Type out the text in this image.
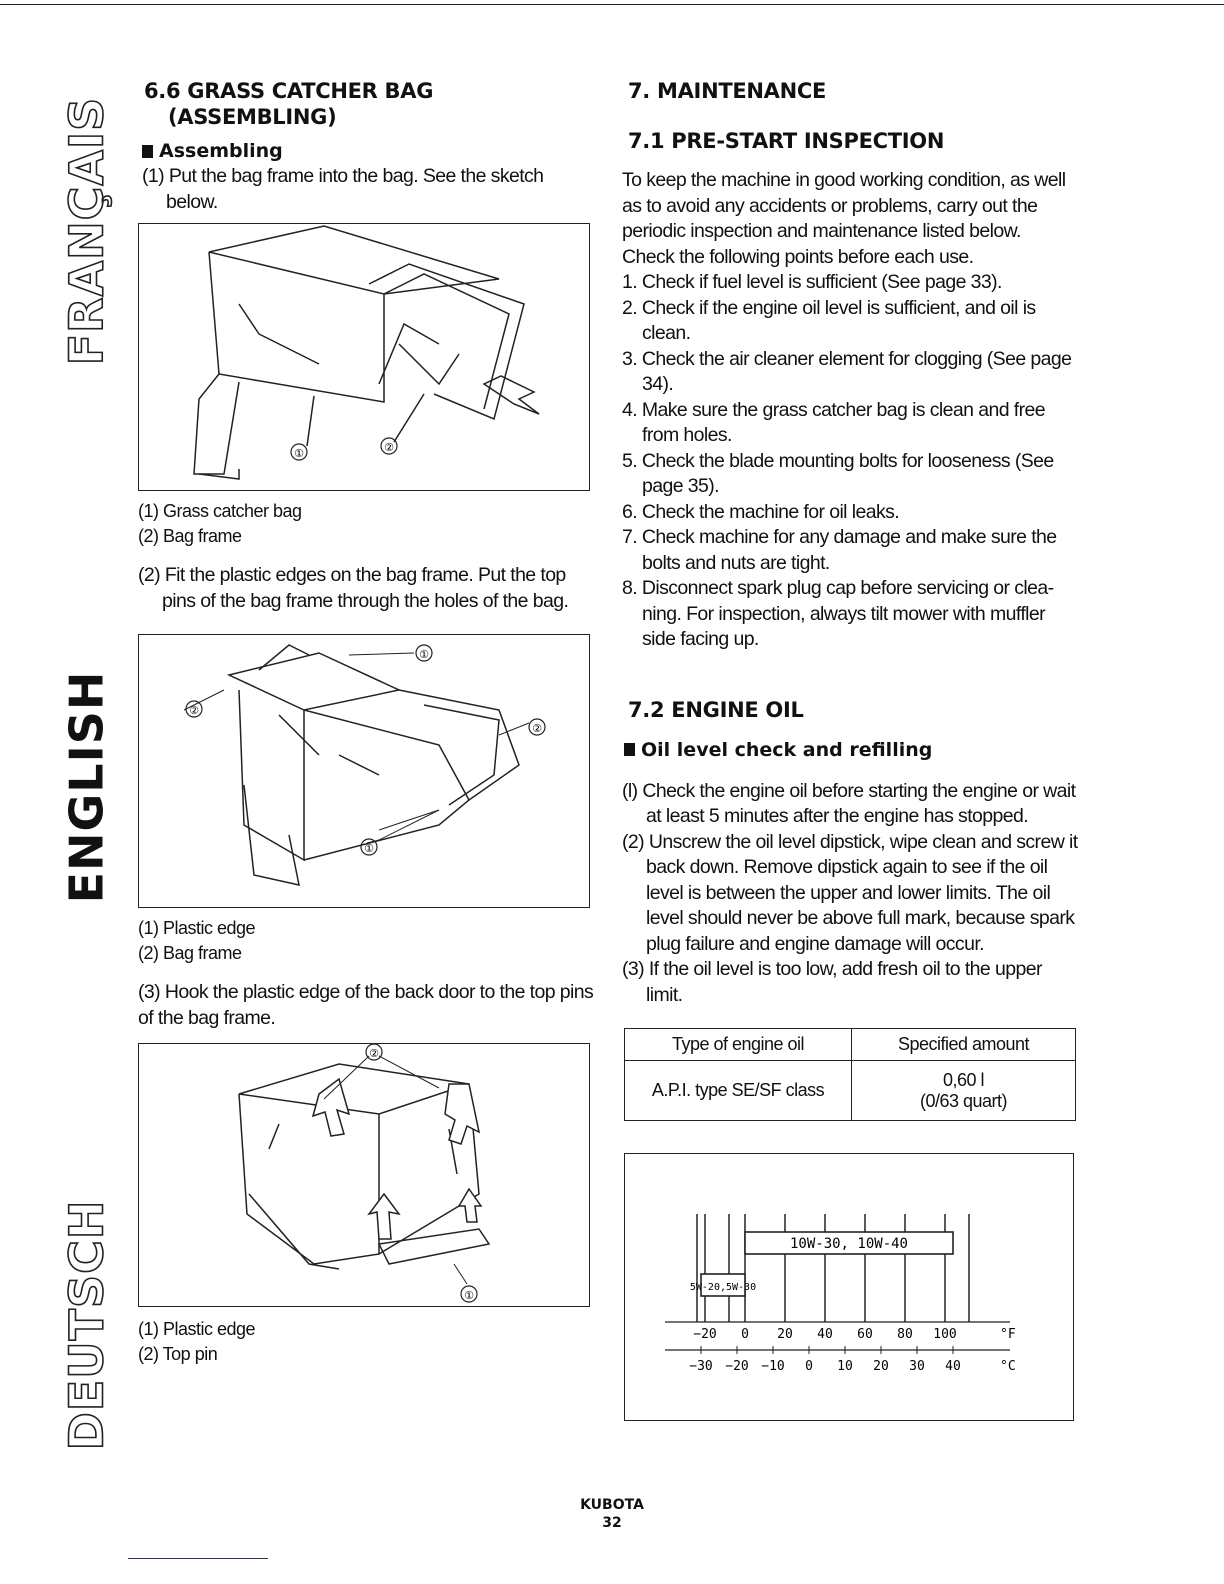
FRANÇAIS
ENGLISH
DEUTSCH
6.6 GRASS CATCHER BAG
(ASSEMBLING)
Assembling

(1) Put the bag frame into the bag. See the sketch below.

①	②

(1) Grass catcher bag

(2) Bag frame

(2) Fit the plastic edges on the bag frame. Put the top pins of the bag frame through the holes of the bag.

①
②
②
①

(1) Plastic edge

(2) Bag frame

(3) Hook the plastic edge of the back door to the top pins of the bag frame.

②
①

(1) Plastic edge

(2) Top pin

7. MAINTENANCE
7.1 PRE-START INSPECTION

To keep the machine in good working condition, as well as to avoid any accidents or problems, carry out the periodic inspection and maintenance listed below.

Check the following points before each use.

1. Check if fuel level is sufficient (See page 33).
2. Check if the engine oil level is sufficient, and oil is clean.
3. Check the air cleaner element for clogging (See page 34).
4. Make sure the grass catcher bag is clean and free from holes.
5. Check the blade mounting bolts for looseness (See page 35).
6. Check the machine for oil leaks.
7. Check machine for any damage and make sure the bolts and nuts are tight.
8. Disconnect spark plug cap before servicing or clea-ning. For inspection, always tilt mower with muffler side facing up.
7.2 ENGINE OIL
Oil level check and refilling

(l) Check the engine oil before starting the engine or wait at least 5 minutes after the engine has stopped.

(2) Unscrew the oil level dipstick, wipe clean and screw it back down. Remove dipstick again to see if the oil level is between the upper and lower limits. The oil level should never be above full mark, because spark plug failure and engine damage will occur.

(3) If the oil level is too low, add fresh oil to the upper limit.

Type of engine oil	Specified amount
A.P.I. type SE/SF class	0,60 l
(0/63 quart)
10W-30, 10W-40
5W-20,5W-30
−20 0 20 40 60 80 100	°F
−30 −20 −10 0 10 20 30 40	°C
KUBOTA
32
